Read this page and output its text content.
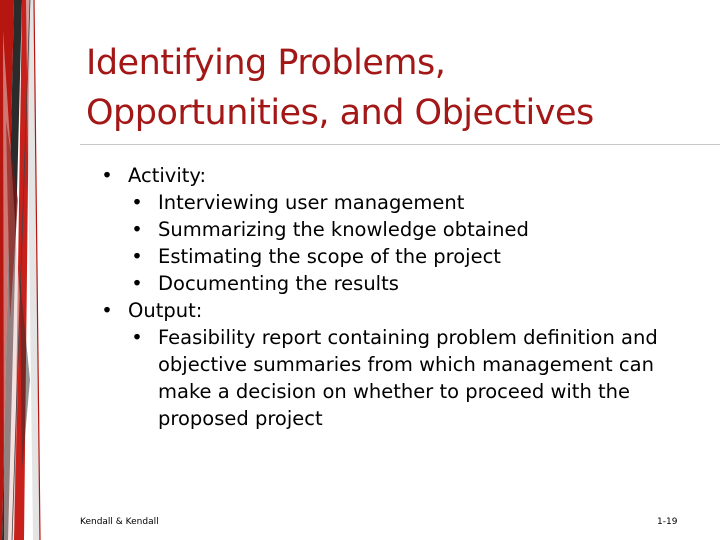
Identifying Problems,
Opportunities, and Objectives
• Activity:
• Interviewing user management
• Summarizing the knowledge obtained
• Estimating the scope of the project
• Documenting the results
• Output:
• Feasibility report containing problem definition and objective summaries from which management can make a decision on whether to proceed with the proposed project
Kendall & Kendall	1-19
